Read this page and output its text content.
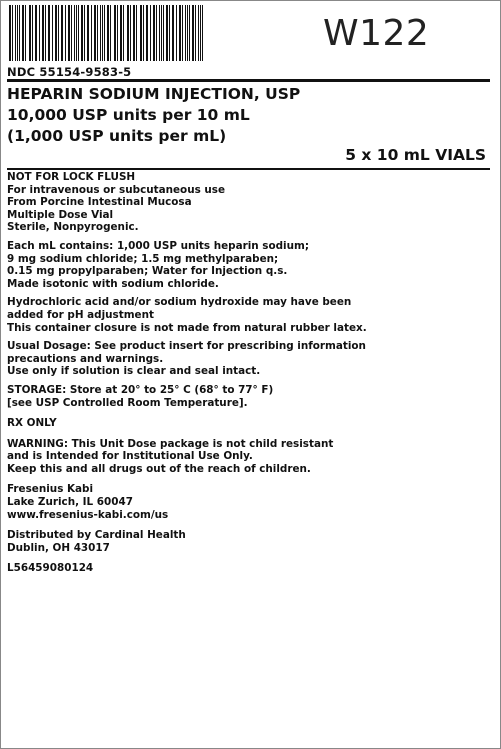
W122
NDC 55154-9583-5
HEPARIN SODIUM INJECTION, USP
10,000 USP units per 10 mL
(1,000 USP units per mL)
5 x 10 mL VIALS
NOT FOR LOCK FLUSH
For intravenous or subcutaneous use
From Porcine Intestinal Mucosa
Multiple Dose Vial
Sterile, Nonpyrogenic.
Each mL contains: 1,000 USP units heparin sodium;
9 mg sodium chloride; 1.5 mg methylparaben;
0.15 mg propylparaben; Water for Injection q.s.
Made isotonic with sodium chloride.
Hydrochloric acid and/or sodium hydroxide may have been
added for pH adjustment
This container closure is not made from natural rubber latex.
Usual Dosage: See product insert for prescribing information
precautions and warnings.
Use only if solution is clear and seal intact.
STORAGE: Store at 20° to 25° C (68° to 77° F)
[see USP Controlled Room Temperature].
RX ONLY
WARNING: This Unit Dose package is not child resistant
and is Intended for Institutional Use Only.
Keep this and all drugs out of the reach of children.
Fresenius Kabi
Lake Zurich, IL 60047
www.fresenius-kabi.com/us
Distributed by Cardinal Health
Dublin, OH 43017
L56459080124
